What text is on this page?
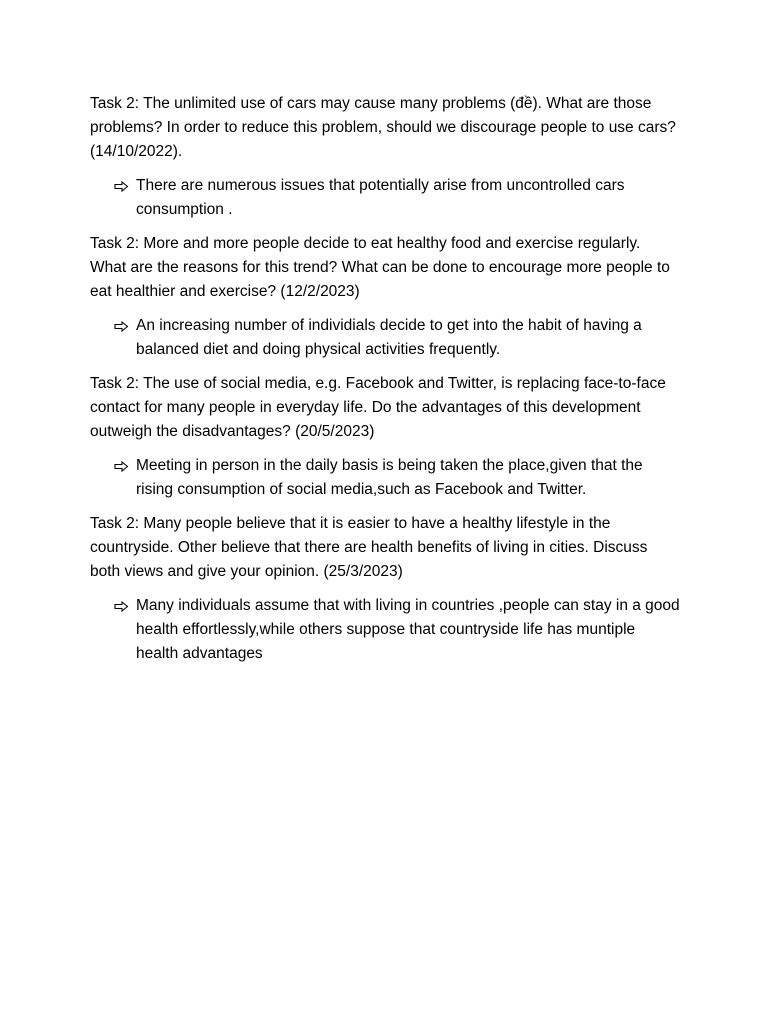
Task 2: The unlimited use of cars may cause many problems (đề). What are those problems? In order to reduce this problem, should we discourage people to use cars? (14/10/2022).

There are numerous issues that potentially arise from uncontrolled cars consumption .

Task 2: More and more people decide to eat healthy food and exercise regularly. What are the reasons for this trend? What can be done to encourage more people to eat healthier and exercise? (12/2/2023)

An increasing number of individials decide to get into the habit of having a balanced diet and doing physical activities frequently.

Task 2: The use of social media, e.g. Facebook and Twitter, is replacing face-to-face contact for many people in everyday life. Do the advantages of this development outweigh the disadvantages? (20/5/2023)

Meeting in person in the daily basis is being taken the place,given that the rising consumption of social media,such as Facebook and Twitter.

Task 2: Many people believe that it is easier to have a healthy lifestyle in the countryside. Other believe that there are health benefits of living in cities. Discuss both views and give your opinion. (25/3/2023)

Many individuals assume that with living in countries ,people can stay in a good health effortlessly,while others suppose that countryside life has muntiple health advantages
